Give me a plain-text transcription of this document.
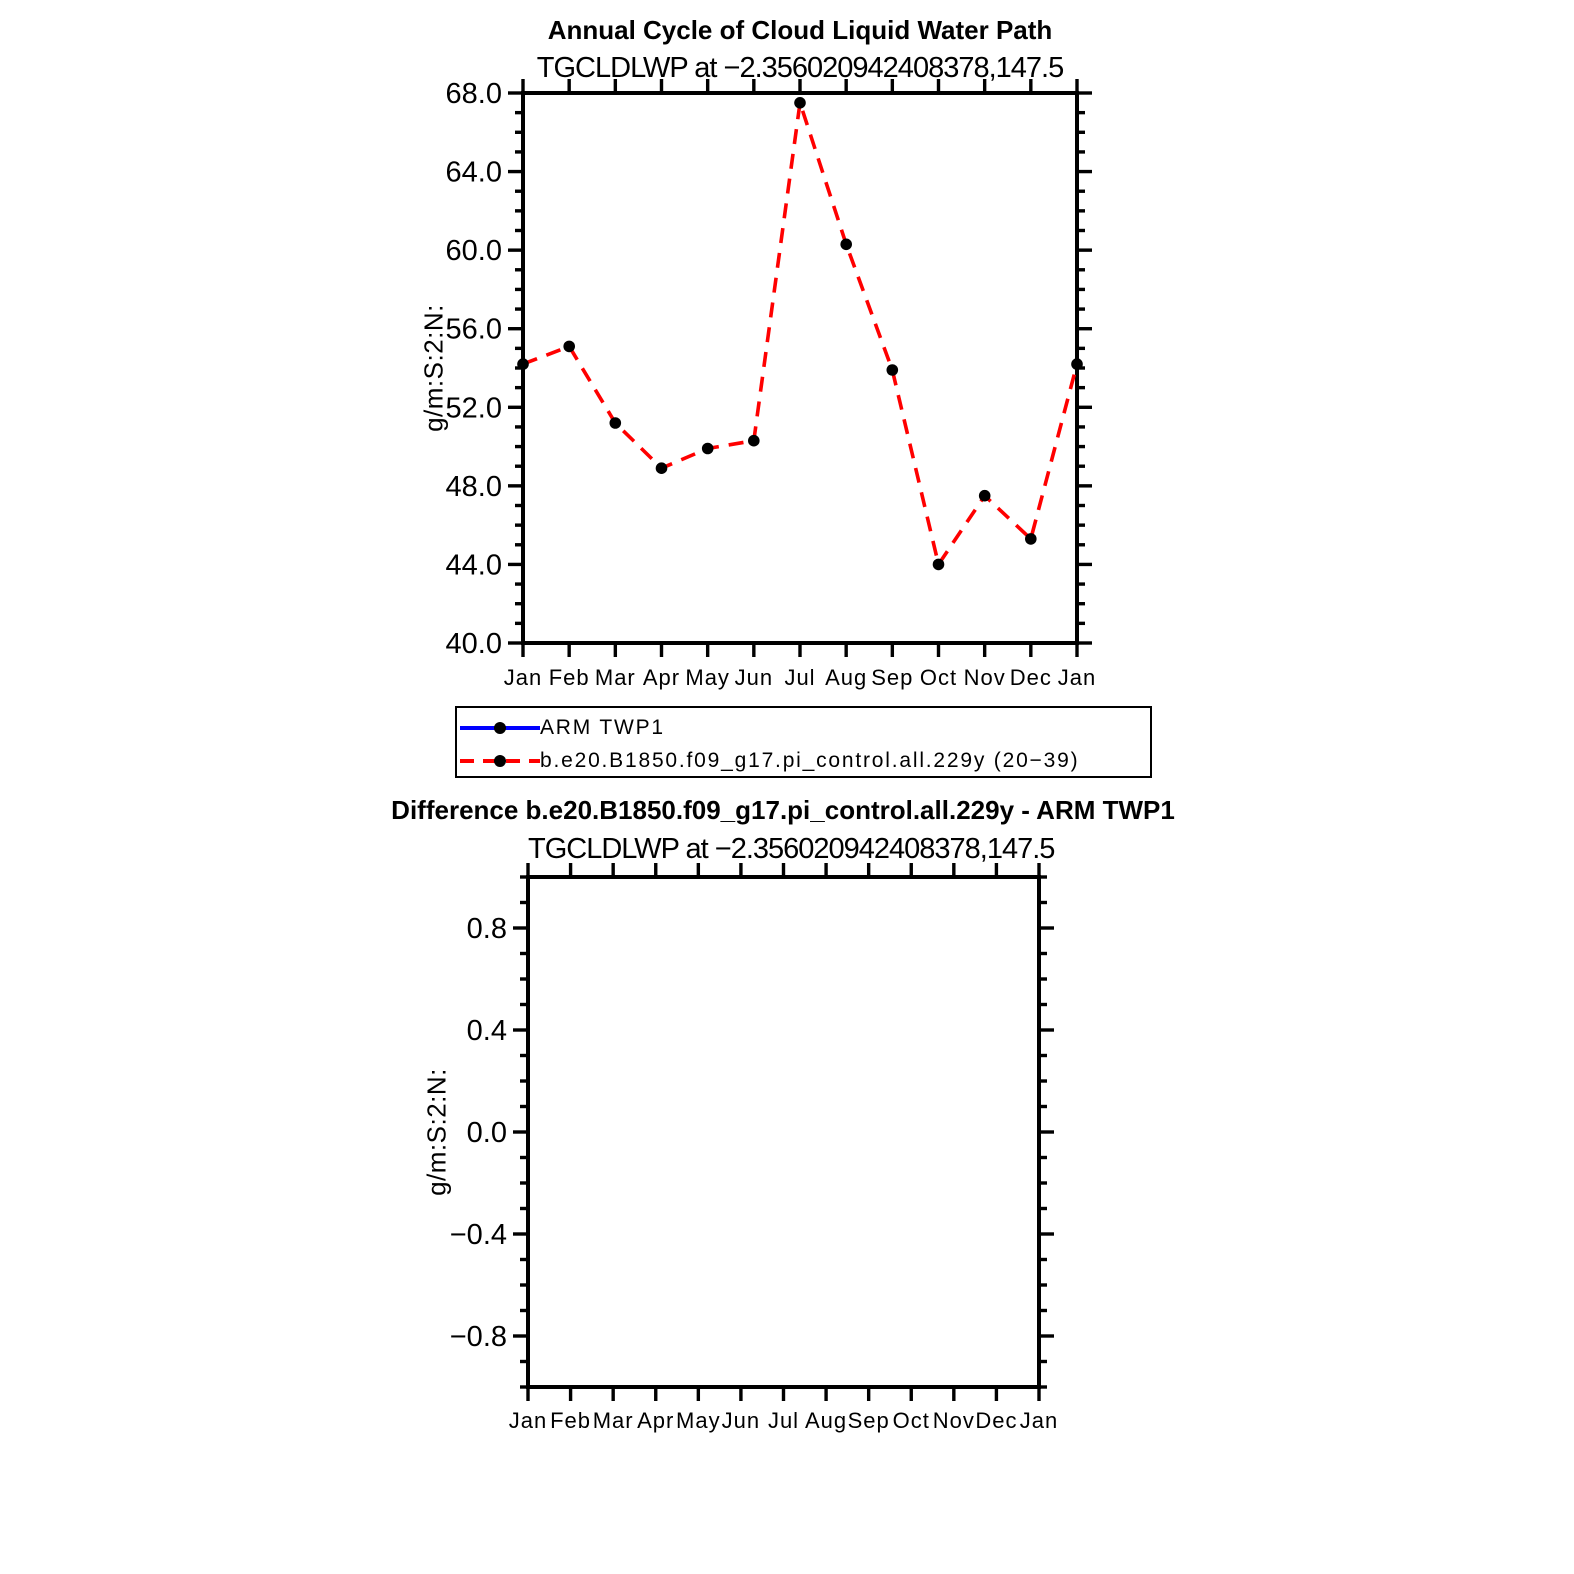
40.0
44.0
48.0
52.0
56.0
60.0
64.0
68.0
Jan Feb Mar Apr May Jun Jul Aug Sep Oct Nov Dec Jan
−0.8
−0.4
0.0
0.4
0.8
Jan Feb Mar Apr May Jun Jul Aug Sep Oct Nov Dec Jan
Annual Cycle of Cloud Liquid Water Path
TGCLDLWP at −2.356020942408378,147.5
g/m:S:2:N:
ARM TWP1
b.e20.B1850.f09_g17.pi_control.all.229y (20−39)
Difference b.e20.B1850.f09_g17.pi_control.all.229y - ARM TWP1
TGCLDLWP at −2.356020942408378,147.5
g/m:S:2:N:
